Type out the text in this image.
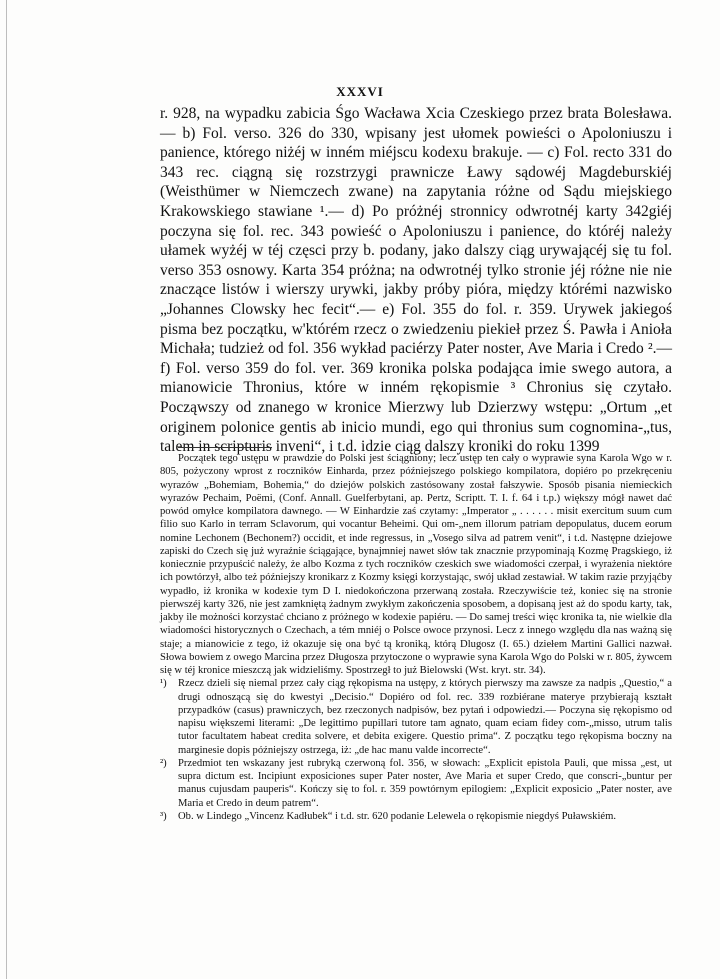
XXXVI

r. 928, na wypadku zabicia Śgo Wacława Xcia Czeskiego przez brata Bolesława.— b) Fol. verso. 326 do 330, wpisany jest ułomek powieści o Apoloniuszu i panience, którego niżéj w inném miéjscu kodexu brakuje. — c) Fol. recto 331 do 343 rec. ciągną się rozstrzygi prawnicze Ławy sądowéj Magdeburskiéj (Weisthümer w Niemczech zwane) na zapytania różne od Sądu miejskiego Krakowskiego stawiane ¹.— d) Po próżnéj stronnicy odwrotnéj karty 342giéj poczyna się fol. rec. 343 powieść o Apoloniuszu i panience, do któréj należy ułamek wyżéj w téj częsci przy b. podany, jako dalszy ciąg urywającéj się tu fol. verso 353 osnowy. Karta 354 próżna; na odwrotnéj tylko stronie jéj różne nie nie znaczące listów i wierszy urywki, jakby próby pióra, między którémi nazwisko „Johannes Clowsky hec fecit“.— e) Fol. 355 do fol. r. 359. Urywek jakiegoś pisma bez początku, w'którém rzecz o zwiedzeniu piekieł przez Ś. Pawła i Anioła Michała; tudzież od fol. 356 wykład paciérzy Pater noster, Ave Maria i Credo ².—f) Fol. verso 359 do fol. ver. 369 kronika polska podająca imie swego autora, a mianowicie Thronius, które w inném rękopismie ³ Chronius się czytało. Począwszy od znanego w kronice Mierzwy lub Dzierzwy wstępu: „Ortum „et originem polonice gentis ab inicio mundi, ego qui thronius sum cognomina-„tus, talem in scripturis inveni“, i t.d. idzie ciąg dalszy kroniki do roku 1399

Początek tego ustępu w prawdzie do Polski jest ściągniony; lecz ustęp ten cały o wyprawie syna Karola Wgo w r. 805, pożyczony wprost z roczników Einharda, przez późniejszego polskiego kompilatora, dopiéro po przekręceniu wyrazów „Bohemiam, Bohemia,“ do dziejów polskich zastósowany został fałszywie. Sposób pisania niemieckich wyrazów Pechaim, Poëmi, (Conf. Annall. Guelferbytani, ap. Pertz, Scriptt. T. I. f. 64 i t.p.) większy mógł nawet dać powód omyłce kompilatora dawnego. — W Einhardzie zaś czytamy: „Imperator „ . . . . . . misit exercitum suum cum filio suo Karlo in terram Sclavorum, qui vocantur Beheimi. Qui om-„nem illorum patriam depopulatus, ducem eorum nomine Lechonem (Bechonem?) occidit, et inde regressus, in „Vosego silva ad patrem venit“, i t.d. Następne dziejowe zapiski do Czech się już wyraźnie ściągające, bynajmniej nawet słów tak znacznie przypominają Kozmę Pragskiego, iż koniecznie przypuścić należy, że albo Kozma z tych roczników czeskich swe wiadomości czerpał, i wyrażenia niektóre ich powtórzył, albo też późniejszy kronikarz z Kozmy księgi korzystając, swój układ zestawiał. W takim razie przyjąćby wypadło, iż kronika w kodexie tym D I. niedokończona przerwaną została. Rzeczywiście też, koniec się na stronie pierwszéj karty 326, nie jest zamkniętą żadnym zwykłym zakończenia sposobem, a dopisaną jest aż do spodu karty, tak, jakby ile możności korzystać chciano z próżnego w kodexie papiéru. — Do samej treści więc kronika ta, nie wielkie dla wiadomości historycznych o Czechach, a tém mniéj o Polsce owoce przynosi. Lecz z innego względu dla nas ważną się staje; a mianowicie z tego, iż okazuje się ona być tą kroniką, którą Dlugosz (I. 65.) dziełem Martini Gallici nazwał. Słowa bowiem z owego Marcina przez Długosza przytoczone o wyprawie syna Karola Wgo do Polski w r. 805, żywcem się w téj kronice mieszczą jak widzieliśmy. Spostrzegł to już Bielowski (Wst. kryt. str. 34).

¹) Rzecz dzieli się niemal przez cały ciąg rękopisma na ustępy, z których pierwszy ma zawsze za nadpis „Questio,“ a drugi odnoszącą się do kwestyi „Decisio.“ Dopiéro od fol. rec. 339 rozbiérane materye przybierają kształt przypadków (casus) prawniczych, bez rzeczonych nadpisów, bez pytań i odpowiedzi.— Poczyna się rękopismo od napisu większemi literami: „De legittimo pupillari tutore tam agnato, quam eciam fidey com-„misso, utrum talis tutor facultatem habeat credita solvere, et debita exigere. Questio prima“. Z początku tego rękopisma boczny na marginesie dopis późniejszy ostrzega, iż: „de hac manu valde incorrecte“.

²) Przedmiot ten wskazany jest rubryką czerwoną fol. 356, w słowach: „Explicit epistola Pauli, que missa „est, ut supra dictum est. Incipiunt exposiciones super Pater noster, Ave Maria et super Credo, que conscri-„buntur per manus cujusdam pauperis“. Kończy się to fol. r. 359 powtórnym epilogiem: „Explicit exposicio „Pater noster, ave Maria et Credo in deum patrem“.

³) Ob. w Lindego „Vincenz Kadłubek“ i t.d. str. 620 podanie Lelewela o rękopismie niegdyś Puławskiém.
